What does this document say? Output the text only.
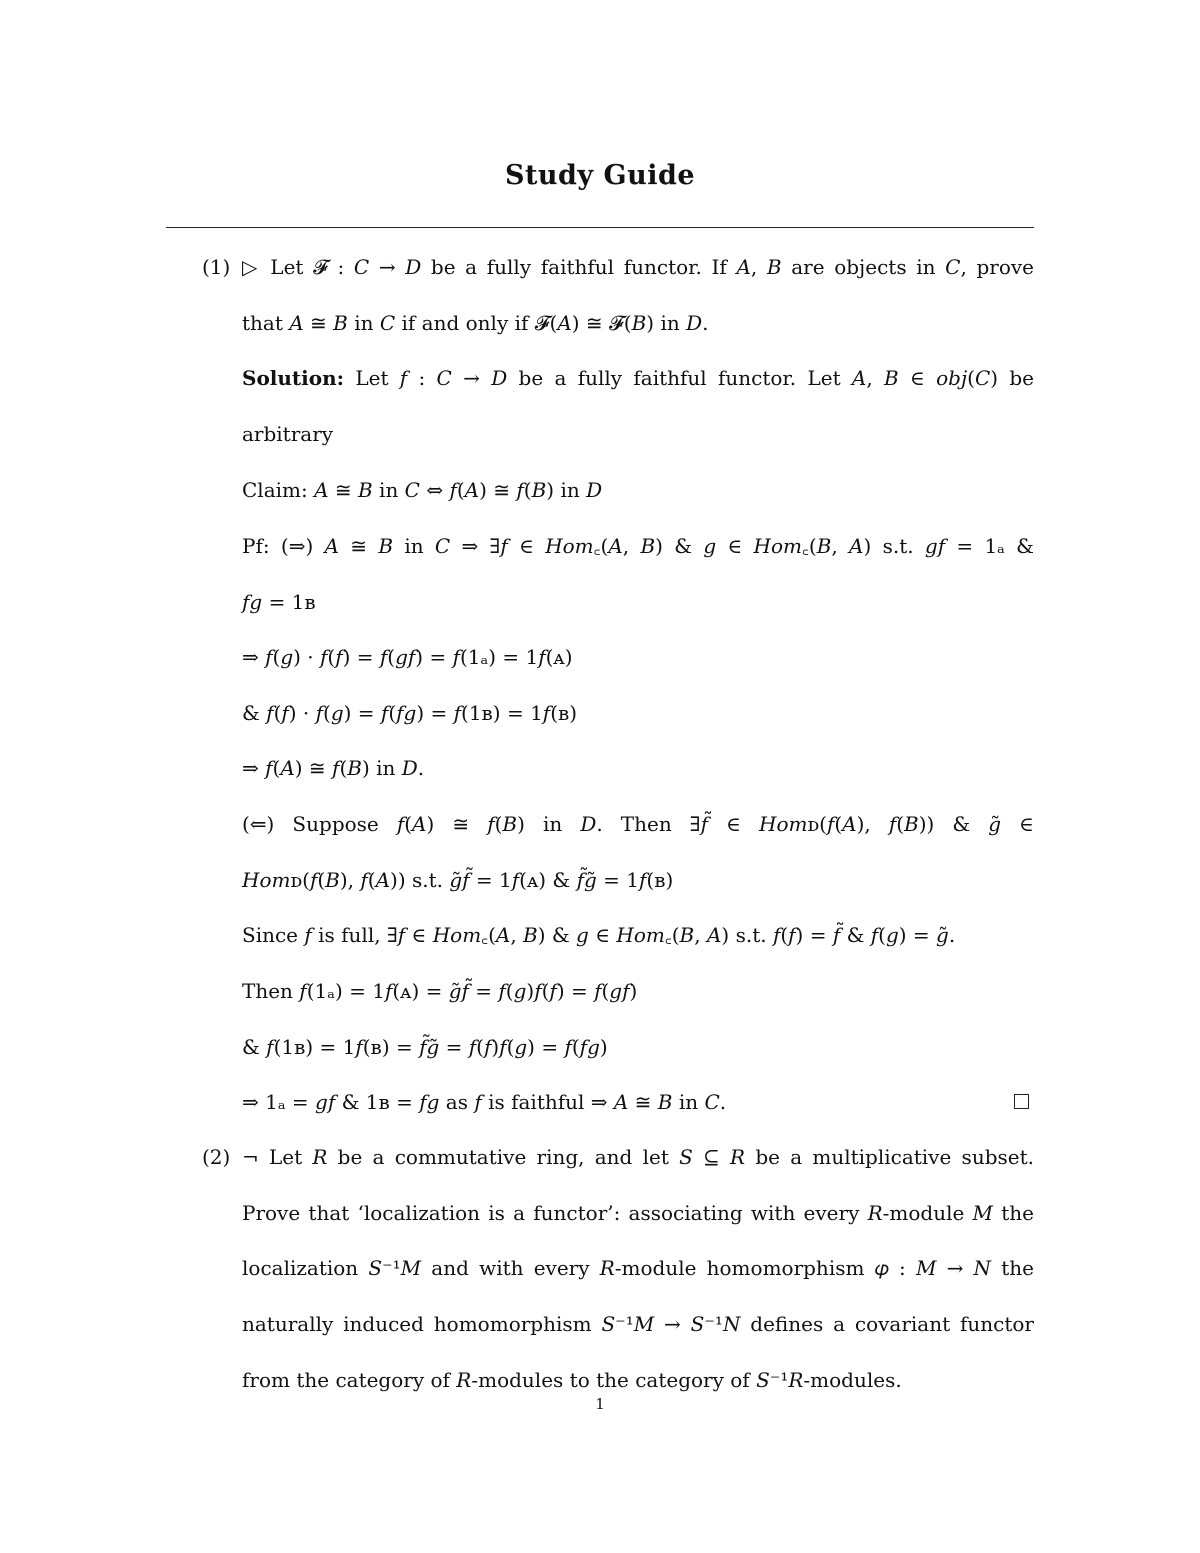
Study Guide
(1) ▷ Let 𝓕 : 𝐶 → 𝐷 be a fully faithful functor. If 𝐴, 𝐵 are objects in 𝐶, prove
that 𝐴 ≅ 𝐵 in 𝐶 if and only if 𝓕(𝐴) ≅ 𝓕(𝐵) in 𝐷.
Solution: Let 𝑓 : 𝐶 → 𝐷 be a fully faithful functor. Let 𝐴, 𝐵 ∈ 𝑜𝑏𝑗(𝐶) be
arbitrary
Claim: 𝐴 ≅ 𝐵 in 𝐶 ⇔ 𝑓(𝐴) ≅ 𝑓(𝐵) in 𝐷
Pf: (⇒) 𝐴 ≅ 𝐵 in 𝐶 ⇒ ∃𝑓 ∈ 𝐻𝑜𝑚꜀(𝐴, 𝐵) & 𝑔 ∈ 𝐻𝑜𝑚꜀(𝐵, 𝐴) s.t. 𝑔𝑓 = 1ₐ &
𝑓𝑔 = 1ʙ
⇒ 𝑓(𝑔) · 𝑓(𝑓) = 𝑓(𝑔𝑓) = 𝑓(1ₐ) = 1𝑓(ᴀ)
& 𝑓(𝑓) · 𝑓(𝑔) = 𝑓(𝑓𝑔) = 𝑓(1ʙ) = 1𝑓(ʙ)
⇒ 𝑓(𝐴) ≅ 𝑓(𝐵) in 𝐷.
(⇐) Suppose 𝑓(𝐴) ≅ 𝑓(𝐵) in 𝐷. Then ∃𝑓̃ ∈ 𝐻𝑜𝑚ᴅ(𝑓(𝐴), 𝑓(𝐵)) & 𝑔̃ ∈
𝐻𝑜𝑚ᴅ(𝑓(𝐵), 𝑓(𝐴)) s.t. 𝑔̃𝑓̃ = 1𝑓(ᴀ) & 𝑓̃𝑔̃ = 1𝑓(ʙ)
Since 𝑓 is full, ∃𝑓 ∈ 𝐻𝑜𝑚꜀(𝐴, 𝐵) & 𝑔 ∈ 𝐻𝑜𝑚꜀(𝐵, 𝐴) s.t. 𝑓(𝑓) = 𝑓̃ & 𝑓(𝑔) = 𝑔̃.
Then 𝑓(1ₐ) = 1𝑓(ᴀ) = 𝑔̃𝑓̃ = 𝑓(𝑔)𝑓(𝑓) = 𝑓(𝑔𝑓)
& 𝑓(1ʙ) = 1𝑓(ʙ) = 𝑓̃𝑔̃ = 𝑓(𝑓)𝑓(𝑔) = 𝑓(𝑓𝑔)
⇒ 1ₐ = 𝑔𝑓 & 1ʙ = 𝑓𝑔 as 𝑓 is faithful ⇒ 𝐴 ≅ 𝐵 in 𝐶.
(2) ¬ Let 𝑅 be a commutative ring, and let 𝑆 ⊆ 𝑅 be a multiplicative subset.
Prove that ‘localization is a functor’: associating with every 𝑅-module 𝑀 the
localization 𝑆⁻¹𝑀 and with every 𝑅-module homomorphism 𝜑 : 𝑀 → 𝑁 the
naturally induced homomorphism 𝑆⁻¹𝑀 → 𝑆⁻¹𝑁 defines a covariant functor
from the category of 𝑅-modules to the category of 𝑆⁻¹𝑅-modules.
1
